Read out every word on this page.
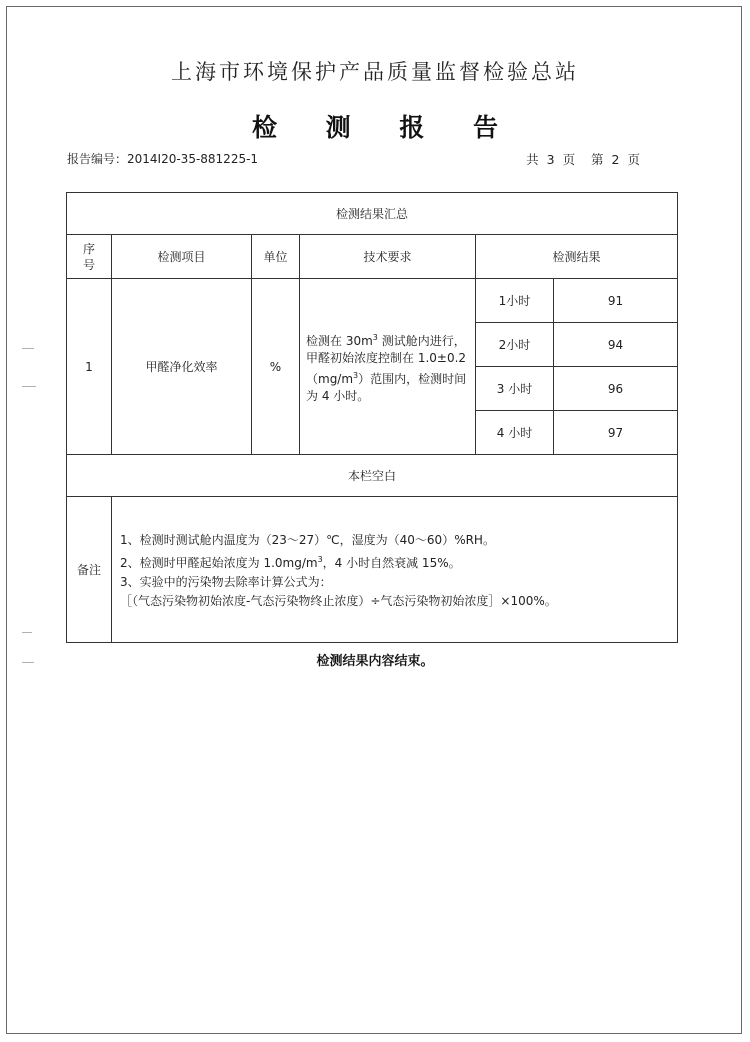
上海市环境保护产品质量监督检验总站
检 测 报 告
报告编号：2014I20-35-881225-1	共 3 页 第 2 页
检测结果汇总					

序号	检测项目	单位	技术要求	检测结果	
1	甲醛净化效率	%	检测在 $30m^3$ 测试舱内进行，甲醛初始浓度控制在 $1.0\pm 0.2(mg/m^3)$范围内，检测时间为 4 小时。	1小时	91
				2小时	94
				3 小时	96
				4 小时	97
本栏空白					
备注	1、检测时测试舱内温度为（23～27）℃，湿度为（40～60）%RH。
2、检测时甲醛起始浓度为 $1.0mg/m^3$，4 小时自然衰减 15%。
3、实验中的污染物去除率计算公式为：
［（气态污染物初始浓度-气态污染物终止浓度）÷气态污染物初始浓度］×100%。				
检测结果内容结束。
